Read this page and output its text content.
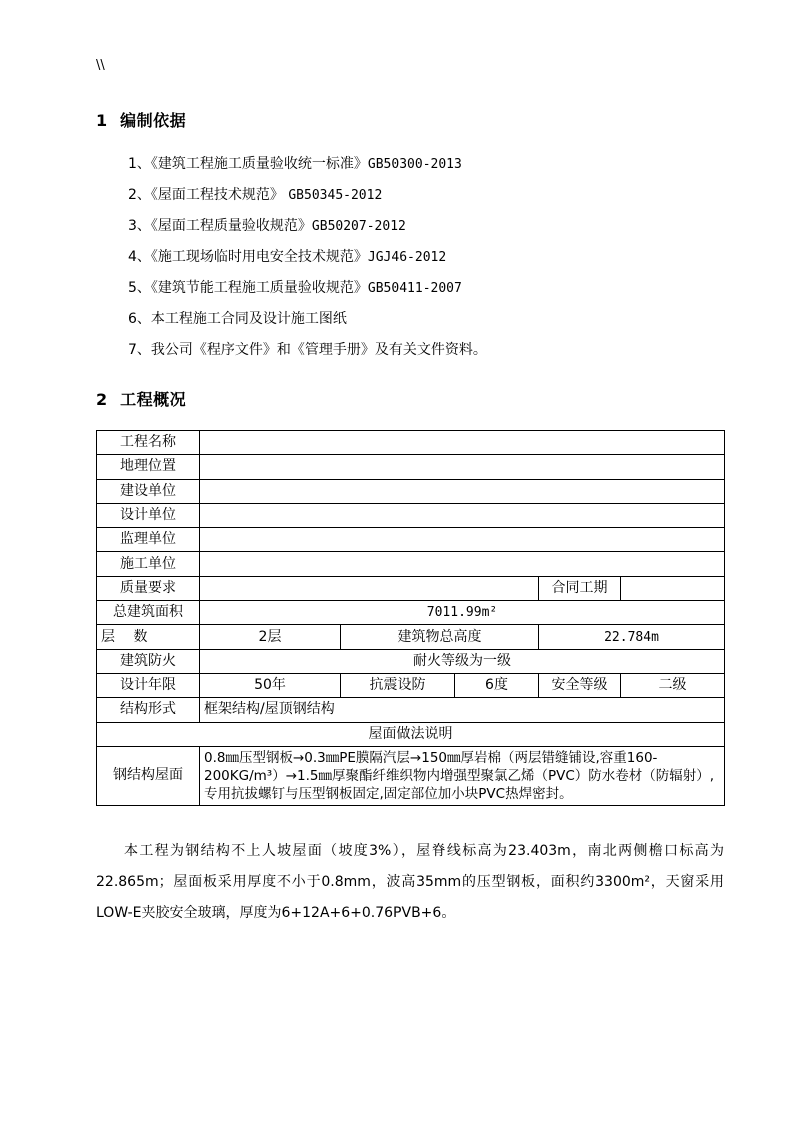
\\
1 编制依据
1、《建筑工程施工质量验收统一标准》GB50300-2013
2、《屋面工程技术规范》 GB50345-2012
3、《屋面工程质量验收规范》GB50207-2012
4、《施工现场临时用电安全技术规范》JGJ46-2012
5、《建筑节能工程施工质量验收规范》GB50411-2007
6、本工程施工合同及设计施工图纸
7、我公司《程序文件》和《管理手册》及有关文件资料。
2 工程概况
工程名称					
地理位置					
建设单位					
设计单位					
监理单位					
施工单位					
质量要求				合同工期	
总建筑面积	7011.99m²				
层　 数	2层	建筑物总高度		22.784m	
建筑防火	耐火等级为一级				
设计年限	50年	抗震设防	6度	安全等级	二级
结构形式	框架结构/屋顶钢结构				
屋面做法说明					
钢结构屋面	0.8㎜压型钢板→0.3㎜PE膜隔汽层→150㎜厚岩棉（两层错缝铺设,容重160-200KG/m³）→1.5㎜厚聚酯纤维织物内增强型聚氯乙烯（PVC）防水卷材（防辐射）,专用抗拔螺钉与压型钢板固定,固定部位加小块PVC热焊密封。				

本工程为钢结构不上人坡屋面（坡度3%），屋脊线标高为23.403m，南北两侧檐口标高为22.865m；屋面板采用厚度不小于0.8mm，波高35mm的压型钢板，面积约3300m²，天窗采用LOW-E夹胶安全玻璃，厚度为6+12A+6+0.76PVB+6。
